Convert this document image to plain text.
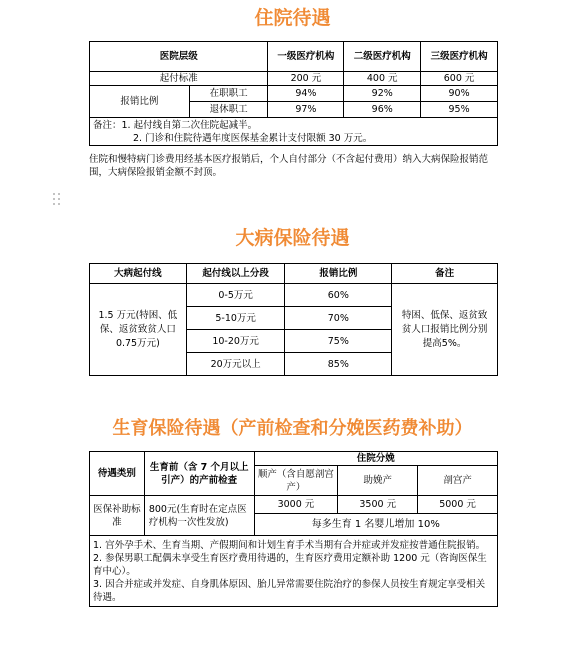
住院待遇
医院层级		一级医疗机构	二级医疗机构	三级医疗机构
起付标准		200 元	400 元	600 元
报销比例	在职职工	94%	92%	90%
	退休职工	97%	96%	95%

备注：1. 起付线自第二次住院起减半。
2. 门诊和住院待遇年度医保基金累计支付限额 30 万元。				

住院和慢特病门诊费用经基本医疗报销后，个人自付部分（不含起付费用）纳入大病保险报销范围，大病保险报销金额不封顶。

大病保险待遇
大病起付线	起付线以上分段	报销比例	备注
1.5 万元(特困、低保、返贫致贫人口 0.75万元)	0-5万元	60%	特困、低保、返贫致贫人口报销比例分别提高5%。
	5-10万元	70%	
	10-20万元	75%	
	20万元以上	85%	
生育保险待遇（产前检查和分娩医药费补助）
待遇类别	生育前（含 7 个月以上引产）的产前检查	住院分娩		
		顺产（含自愿剖宫产）	助娩产	剖宫产
医保补助标准	800元(生育时在定点医疗机构一次性发放)	3000 元	3500 元	5000 元
		每多生育 1 名婴儿增加 10%		

1. 宫外孕手术、生育当期、产假期间和计划生育手术当期有合并症或并发症按普通住院报销。
2. 参保男职工配偶未享受生育医疗费用待遇的，生育医疗费用定额补助 1200 元（咨询医保生育中心）。
3. 因合并症或并发症、自身肌体原因、胎儿异常需要住院治疗的参保人员按生育规定享受相关待遇。				
